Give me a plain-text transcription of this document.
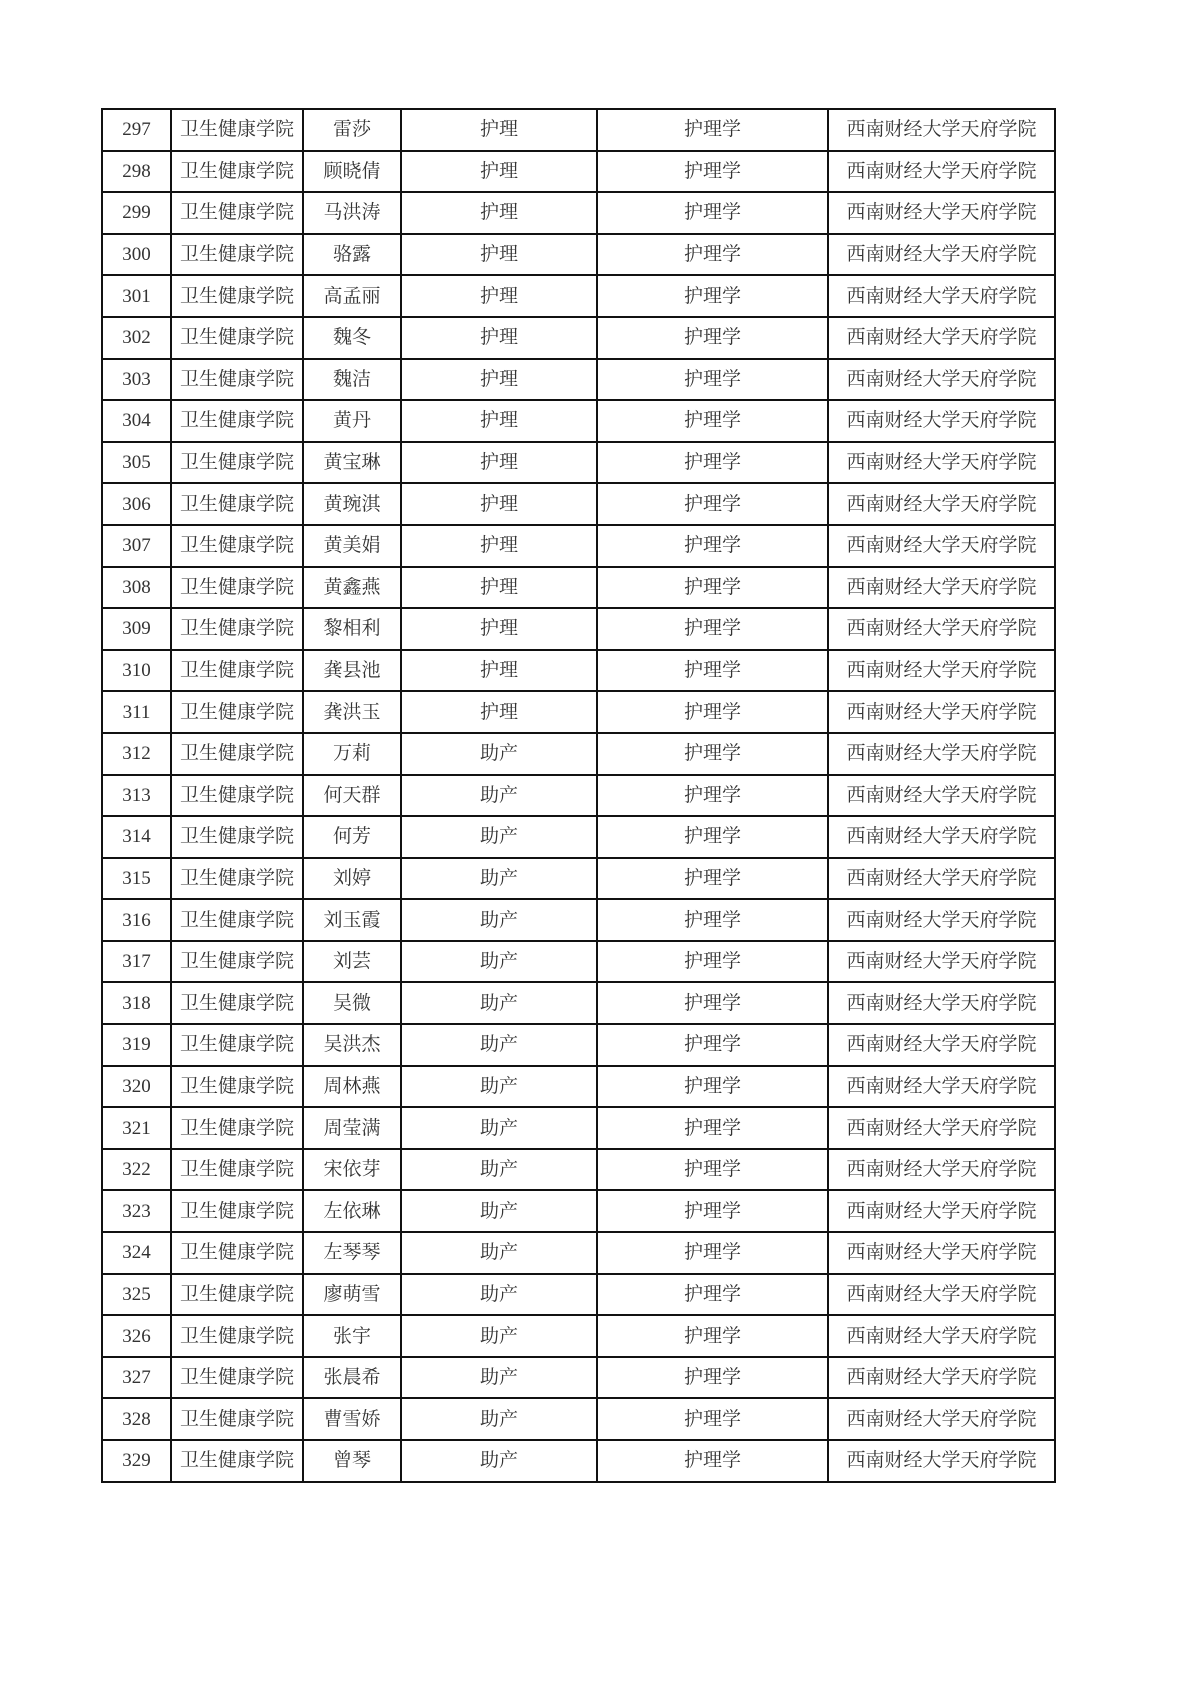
297	卫生健康学院	雷莎	护理	护理学	西南财经大学天府学院
298	卫生健康学院	顾晓倩	护理	护理学	西南财经大学天府学院
299	卫生健康学院	马洪涛	护理	护理学	西南财经大学天府学院
300	卫生健康学院	骆露	护理	护理学	西南财经大学天府学院
301	卫生健康学院	高孟丽	护理	护理学	西南财经大学天府学院
302	卫生健康学院	魏冬	护理	护理学	西南财经大学天府学院
303	卫生健康学院	魏洁	护理	护理学	西南财经大学天府学院
304	卫生健康学院	黄丹	护理	护理学	西南财经大学天府学院
305	卫生健康学院	黄宝琳	护理	护理学	西南财经大学天府学院
306	卫生健康学院	黄琬淇	护理	护理学	西南财经大学天府学院
307	卫生健康学院	黄美娟	护理	护理学	西南财经大学天府学院
308	卫生健康学院	黄鑫燕	护理	护理学	西南财经大学天府学院
309	卫生健康学院	黎相利	护理	护理学	西南财经大学天府学院
310	卫生健康学院	龚县池	护理	护理学	西南财经大学天府学院
311	卫生健康学院	龚洪玉	护理	护理学	西南财经大学天府学院
312	卫生健康学院	万莉	助产	护理学	西南财经大学天府学院
313	卫生健康学院	何天群	助产	护理学	西南财经大学天府学院
314	卫生健康学院	何芳	助产	护理学	西南财经大学天府学院
315	卫生健康学院	刘婷	助产	护理学	西南财经大学天府学院
316	卫生健康学院	刘玉霞	助产	护理学	西南财经大学天府学院
317	卫生健康学院	刘芸	助产	护理学	西南财经大学天府学院
318	卫生健康学院	吴微	助产	护理学	西南财经大学天府学院
319	卫生健康学院	吴洪杰	助产	护理学	西南财经大学天府学院
320	卫生健康学院	周林燕	助产	护理学	西南财经大学天府学院
321	卫生健康学院	周莹满	助产	护理学	西南财经大学天府学院
322	卫生健康学院	宋依芽	助产	护理学	西南财经大学天府学院
323	卫生健康学院	左依琳	助产	护理学	西南财经大学天府学院
324	卫生健康学院	左琴琴	助产	护理学	西南财经大学天府学院
325	卫生健康学院	廖萌雪	助产	护理学	西南财经大学天府学院
326	卫生健康学院	张宇	助产	护理学	西南财经大学天府学院
327	卫生健康学院	张晨希	助产	护理学	西南财经大学天府学院
328	卫生健康学院	曹雪娇	助产	护理学	西南财经大学天府学院
329	卫生健康学院	曾琴	助产	护理学	西南财经大学天府学院
